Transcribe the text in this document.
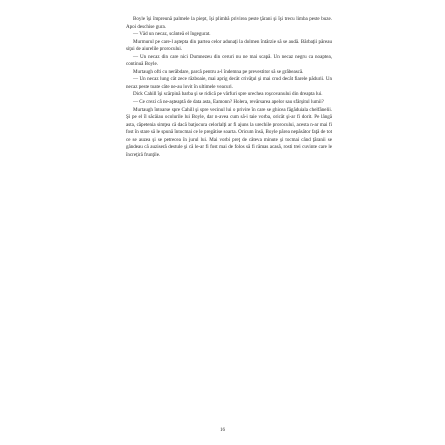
Boyle îşi împreună palmele la piept, îşi plimbă privirea peste ţărani şi îşi trecu limba peste buze. Apoi deschise gura.

— Văd un necaz, scânteă el îngegurat.

Murmurul pe care-l aştepta din partea celor adunaţi la dolmen întârzie să se audă. Bărbaţii păreau siţui de aiurelile prorocului.

— Un necaz din care nici Dumnezeu din ceruri nu ne mai scapă. Un necaz negru ca noaptea, continuă Boyle.

Murtaugh ofti cu nerăbdare, parcă pentru a-l îndemna pe prevestitor să se grăbească.

— Un necaz lung cât zece războaie, mai aprig decât crivăţul şi mai crud decât fiarele pădurii. Un necaz peste toate câte ne-au lovit în ultimele veacuri.

Dick Cahill îşi scărpină barba şi se ridică pe vârfuri spre urechea roşcovanului din dreapta lui.

— Ce crezi că ne-aşteaptă de data asta, Eamonn? Holera, revărsarea apelor sau sfârşitul lumii?

Murtaugh întoarse spre Cahill şi spre vecinul lui o privire în care se ghicea făgăduiala chelfănelii. Şi pe el îl săcâiau ocolurile lui Boyle, dar n-avea cum să-i taie vorba, oricât şi-ar fi dorit. Pe lângă asta, căpetenia simţea că dacă batjocura celorlalţi ar fi ajuns la urechile prorocului, acesta n-ar mai fi fost în stare să le spună întocmai ce le pregătise soarta. Oricum însă, Boyle părea nepăsător faţă de tot ce se auzea şi se petrecea în jurul lui. Mai vorbi preţ de câteva minute şi tocmai când ţăranii se gândeau că auziseră destule şi că le-ar fi fost mai de folos să fi rămas acasă, rosti trei cuvinte care le încreţiră frunţile.

16
